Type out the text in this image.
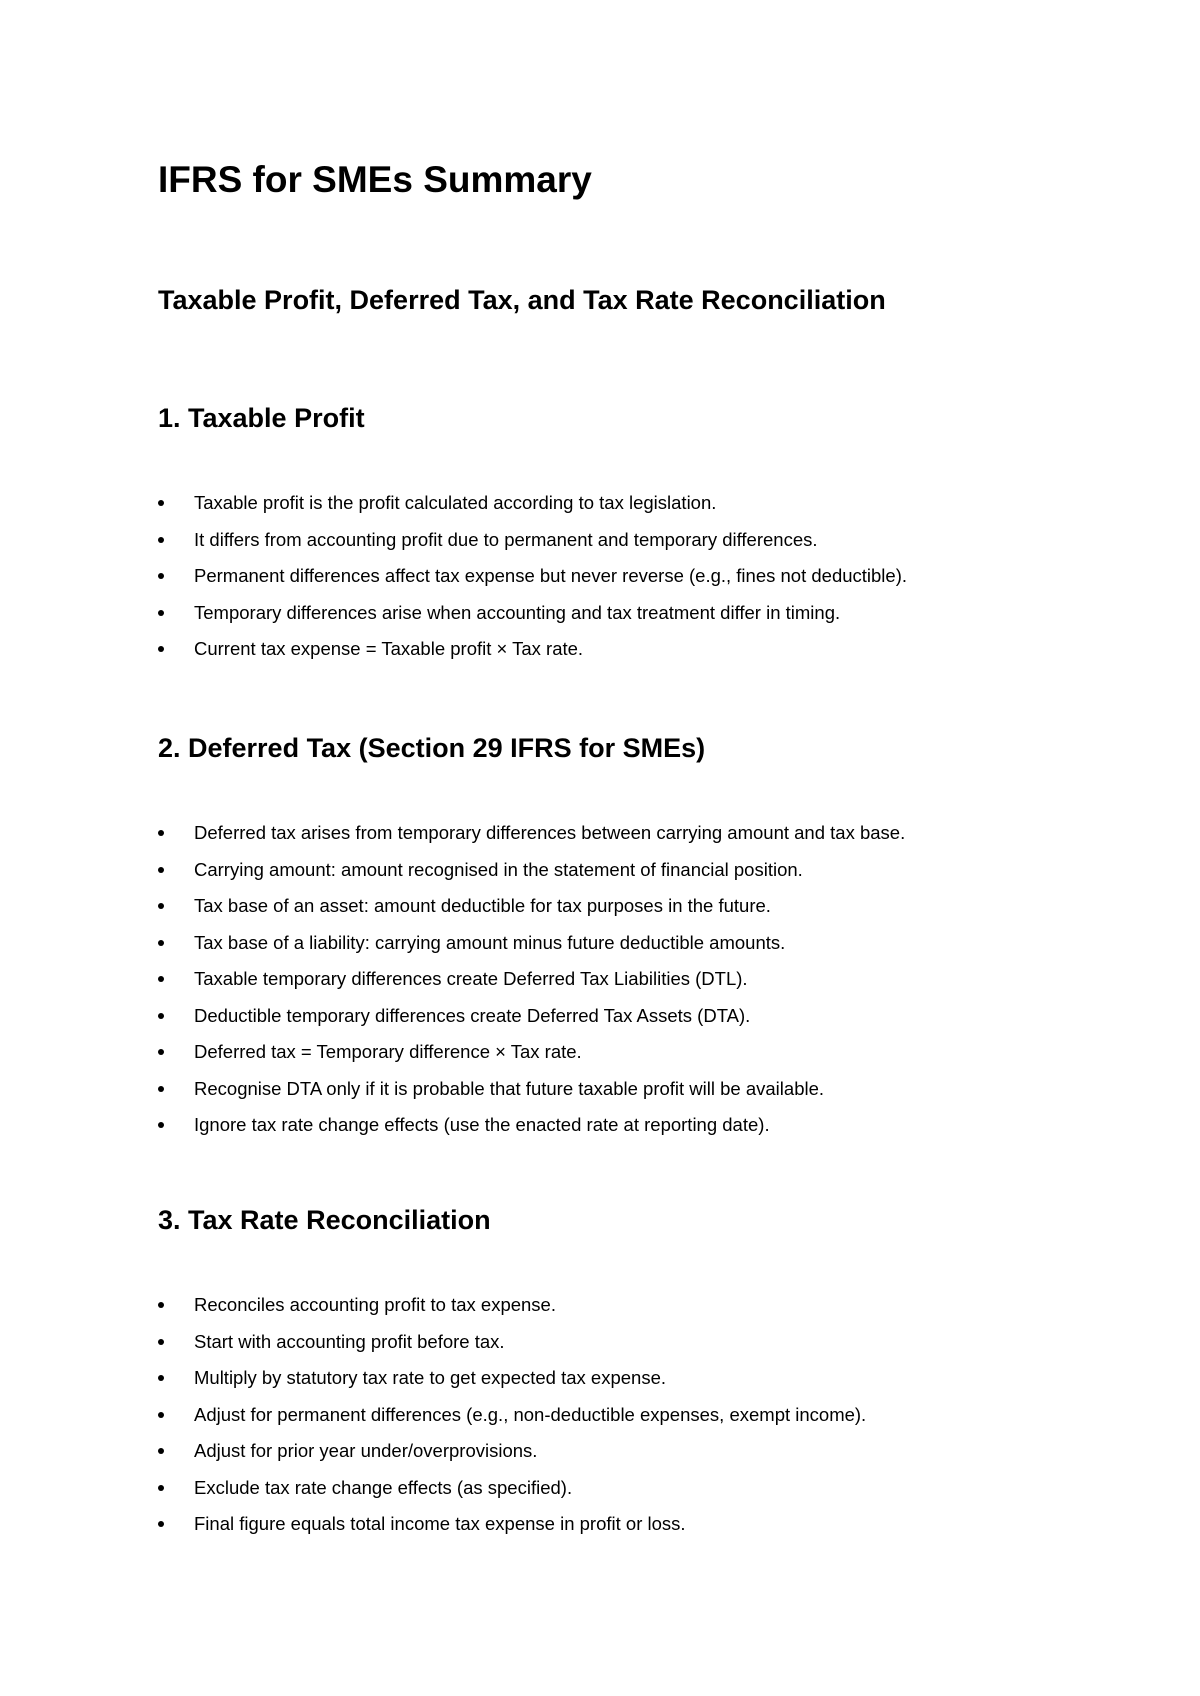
IFRS for SMEs Summary
Taxable Profit, Deferred Tax, and Tax Rate Reconciliation
1. Taxable Profit
Taxable profit is the profit calculated according to tax legislation.
It differs from accounting profit due to permanent and temporary differences.
Permanent differences affect tax expense but never reverse (e.g., fines not deductible).
Temporary differences arise when accounting and tax treatment differ in timing.
Current tax expense = Taxable profit × Tax rate.
2. Deferred Tax (Section 29 IFRS for SMEs)
Deferred tax arises from temporary differences between carrying amount and tax base.
Carrying amount: amount recognised in the statement of financial position.
Tax base of an asset: amount deductible for tax purposes in the future.
Tax base of a liability: carrying amount minus future deductible amounts.
Taxable temporary differences create Deferred Tax Liabilities (DTL).
Deductible temporary differences create Deferred Tax Assets (DTA).
Deferred tax = Temporary difference × Tax rate.
Recognise DTA only if it is probable that future taxable profit will be available.
Ignore tax rate change effects (use the enacted rate at reporting date).
3. Tax Rate Reconciliation
Reconciles accounting profit to tax expense.
Start with accounting profit before tax.
Multiply by statutory tax rate to get expected tax expense.
Adjust for permanent differences (e.g., non-deductible expenses, exempt income).
Adjust for prior year under/overprovisions.
Exclude tax rate change effects (as specified).
Final figure equals total income tax expense in profit or loss.
